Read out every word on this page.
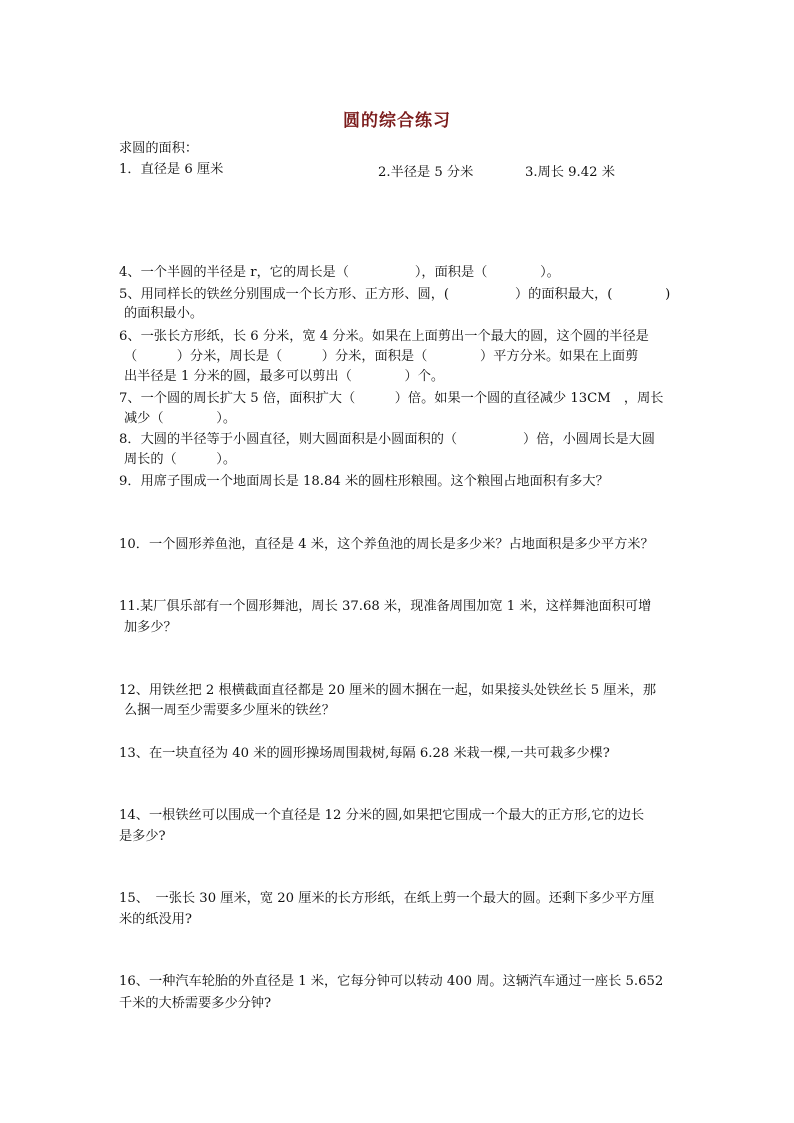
圆的综合练习
求圆的面积：
1．直径是 6 厘米	2.半径是 5 分米	3.周长 9.42 米
4、一个半圆的半径是 r，它的周长是（　　　　　），面积是（　　　　）。
5、用同样长的铁丝分别围成一个长方形、正方形、圆，(　　　　　）的面积最大，(　　　　)
的面积最小。
6、一张长方形纸，长 6 分米，宽 4 分米。如果在上面剪出一个最大的圆，这个圆的半径是
（　　　）分米，周长是（　　　）分米，面积是（　　　　）平方分米。如果在上面剪
出半径是 1 分米的圆，最多可以剪出（　　　　）个。
7、一个圆的周长扩大 5 倍，面积扩大（　　　）倍。如果一个圆的直径减少 13CM　，周长
减少（　　　　）。
8．大圆的半径等于小圆直径，则大圆面积是小圆面积的（　　　　　）倍，小圆周长是大圆
周长的（　　　）。
9．用席子围成一个地面周长是 18.84 米的圆柱形粮囤。这个粮囤占地面积有多大？
10．一个圆形养鱼池，直径是 4 米，这个养鱼池的周长是多少米？占地面积是多少平方米？
11.某厂俱乐部有一个圆形舞池，周长 37.68 米，现准备周围加宽 1 米，这样舞池面积可增
加多少？
12、用铁丝把 2 根横截面直径都是 20 厘米的圆木捆在一起，如果接头处铁丝长 5 厘米，那
么捆一周至少需要多少厘米的铁丝？
13、在一块直径为 40 米的圆形操场周围栽树,每隔 6.28 米栽一棵,一共可栽多少棵?
14、一根铁丝可以围成一个直径是 12 分米的圆,如果把它围成一个最大的正方形,它的边长
是多少?
15、　一张长 30 厘米，宽 20 厘米的长方形纸，在纸上剪一个最大的圆。还剩下多少平方厘
米的纸没用?
16、一种汽车轮胎的外直径是 1 米，它每分钟可以转动 400 周。这辆汽车通过一座长 5.652
千米的大桥需要多少分钟?
